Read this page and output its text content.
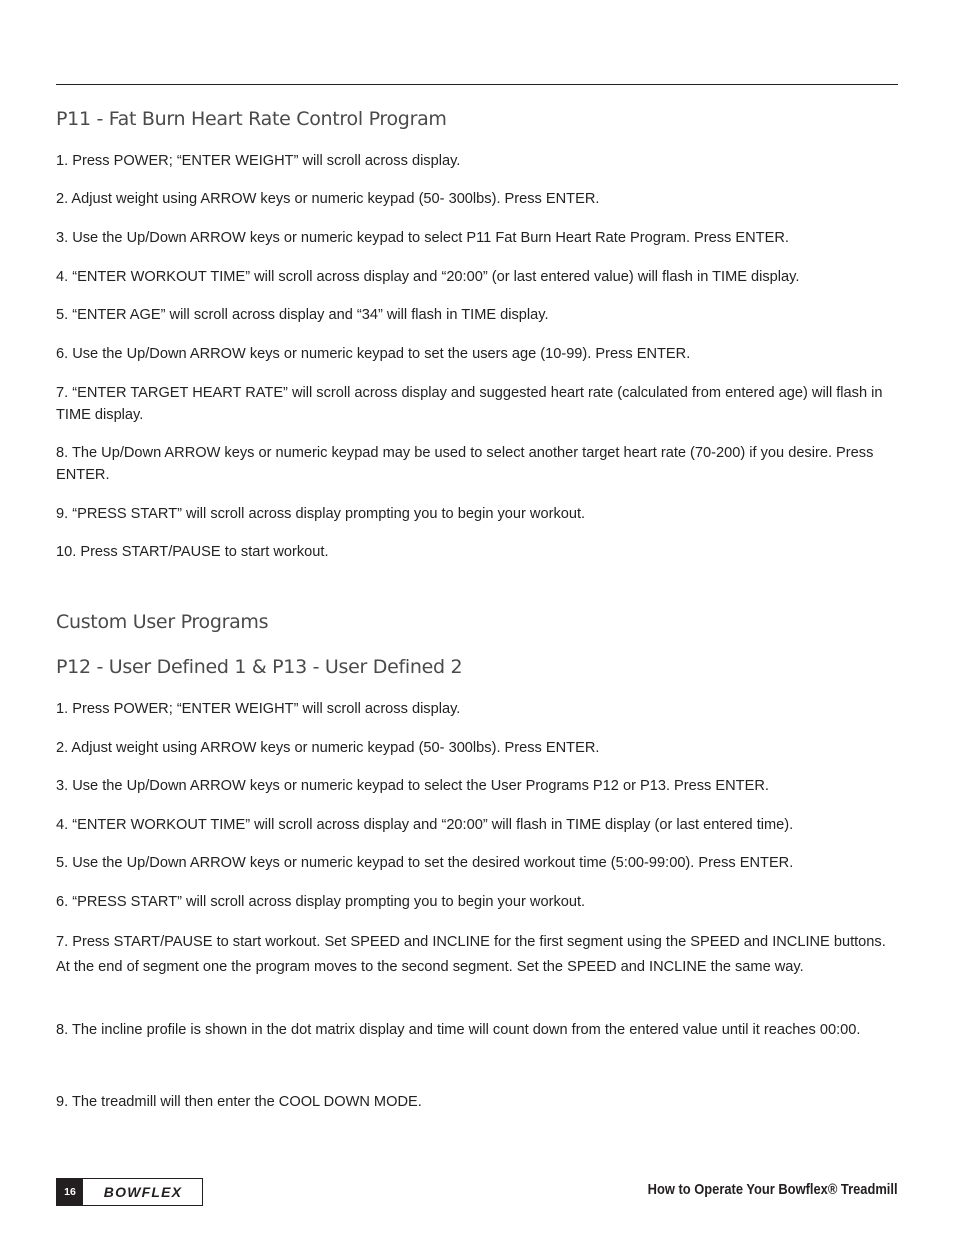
P11 - Fat Burn Heart Rate Control Program

1. Press POWER; “ENTER WEIGHT” will scroll across display.

2. Adjust weight using ARROW keys or numeric keypad (50- 300lbs). Press ENTER.

3. Use the Up/Down ARROW keys or numeric keypad to select P11 Fat Burn Heart Rate Program. Press ENTER.

4. “ENTER WORKOUT TIME” will scroll across display and “20:00” (or last entered value) will flash in TIME display.

5. “ENTER AGE” will scroll across display and “34” will flash in TIME display.

6. Use the Up/Down ARROW keys or numeric keypad to set the users age (10-99). Press ENTER.

7. “ENTER TARGET HEART RATE” will scroll across display and suggested heart rate (calculated from entered age) will flash in TIME display.

8. The Up/Down ARROW keys or numeric keypad may be used to select another target heart rate (70-200) if you desire. Press ENTER.

9. “PRESS START” will scroll across display prompting you to begin your workout.

10. Press START/PAUSE to start workout.

Custom User Programs
P12 - User Defined 1 & P13 - User Defined 2

1. Press POWER; “ENTER WEIGHT” will scroll across display.

2. Adjust weight using ARROW keys or numeric keypad (50- 300lbs). Press ENTER.

3. Use the Up/Down ARROW keys or numeric keypad to select the User Programs P12 or P13. Press ENTER.

4. “ENTER WORKOUT TIME” will scroll across display and “20:00” will flash in TIME display (or last entered time).

5. Use the Up/Down ARROW keys or numeric keypad to set the desired workout time (5:00-99:00). Press ENTER.

6. “PRESS START” will scroll across display prompting you to begin your workout.

7. Press START/PAUSE to start workout. Set SPEED and INCLINE for the first segment using the SPEED and INCLINE buttons. At the end of segment one the program moves to the second segment. Set the SPEED and INCLINE the same way.

8. The incline profile is shown in the dot matrix display and time will count down from the entered value until it reaches 00:00.

9. The treadmill will then enter the COOL DOWN MODE.

16	BOWFLEX	How to Operate Your Bowflex® Treadmill
